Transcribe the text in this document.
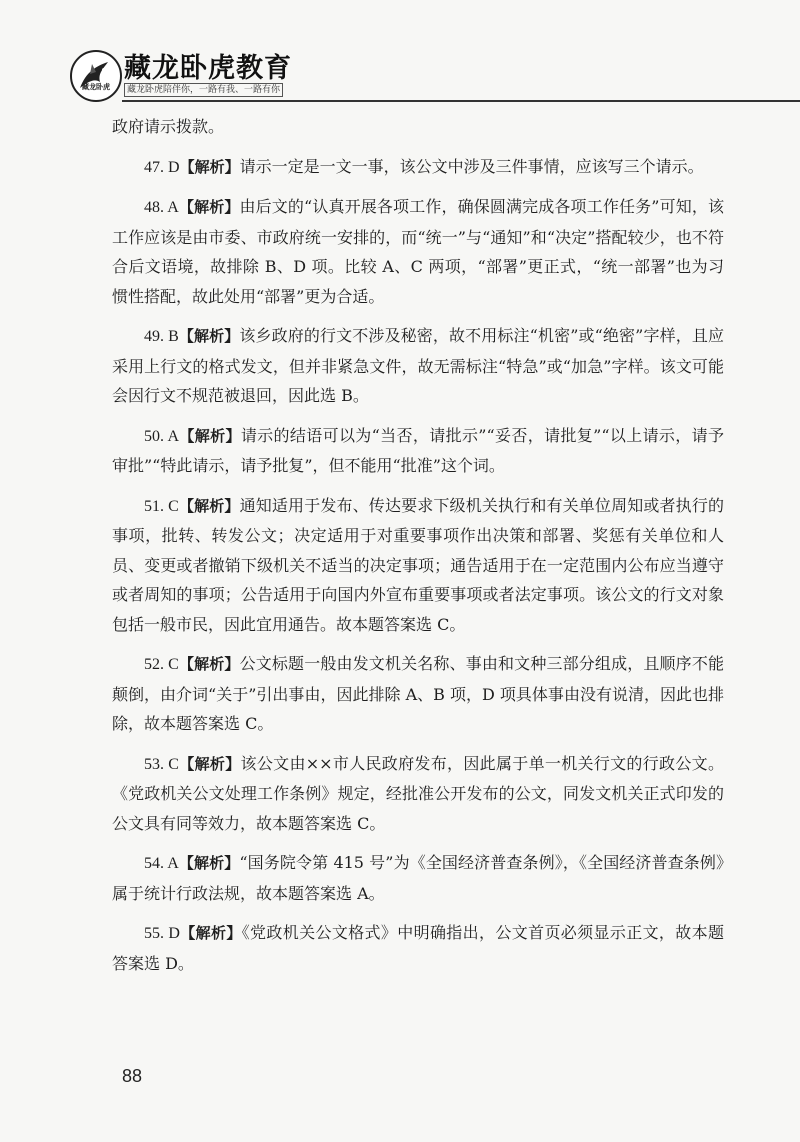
藏龙卧虎
藏龙卧虎教育
藏龙卧虎陪伴你，一路有我、一路有你

政府请示拨款。

47. D【解析】请示一定是一文一事，该公文中涉及三件事情，应该写三个请示。

48. A【解析】由后文的“认真开展各项工作，确保圆满完成各项工作任务”可知，该工作应该是由市委、市政府统一安排的，而“统一”与“通知”和“决定”搭配较少，也不符合后文语境，故排除 B、D 项。比较 A、C 两项，“部署”更正式，“统一部署”也为习惯性搭配，故此处用“部署”更为合适。

49. B【解析】该乡政府的行文不涉及秘密，故不用标注“机密”或“绝密”字样，且应采用上行文的格式发文，但并非紧急文件，故无需标注“特急”或“加急”字样。该文可能会因行文不规范被退回，因此选 B。

50. A【解析】请示的结语可以为“当否，请批示”“妥否，请批复”“以上请示，请予审批”“特此请示，请予批复”，但不能用“批准”这个词。

51. C【解析】通知适用于发布、传达要求下级机关执行和有关单位周知或者执行的事项，批转、转发公文；决定适用于对重要事项作出决策和部署、奖惩有关单位和人员、变更或者撤销下级机关不适当的决定事项；通告适用于在一定范围内公布应当遵守或者周知的事项；公告适用于向国内外宣布重要事项或者法定事项。该公文的行文对象包括一般市民，因此宜用通告。故本题答案选 C。

52. C【解析】公文标题一般由发文机关名称、事由和文种三部分组成，且顺序不能颠倒，由介词“关于”引出事由，因此排除 A、B 项，D 项具体事由没有说清，因此也排除，故本题答案选 C。

53. C【解析】该公文由××市人民政府发布，因此属于单一机关行文的行政公文。《党政机关公文处理工作条例》规定，经批准公开发布的公文，同发文机关正式印发的公文具有同等效力，故本题答案选 C。

54. A【解析】“国务院令第 415 号”为《全国经济普查条例》，《全国经济普查条例》属于统计行政法规，故本题答案选 A。

55. D【解析】《党政机关公文格式》中明确指出，公文首页必须显示正文，故本题答案选 D。

88
